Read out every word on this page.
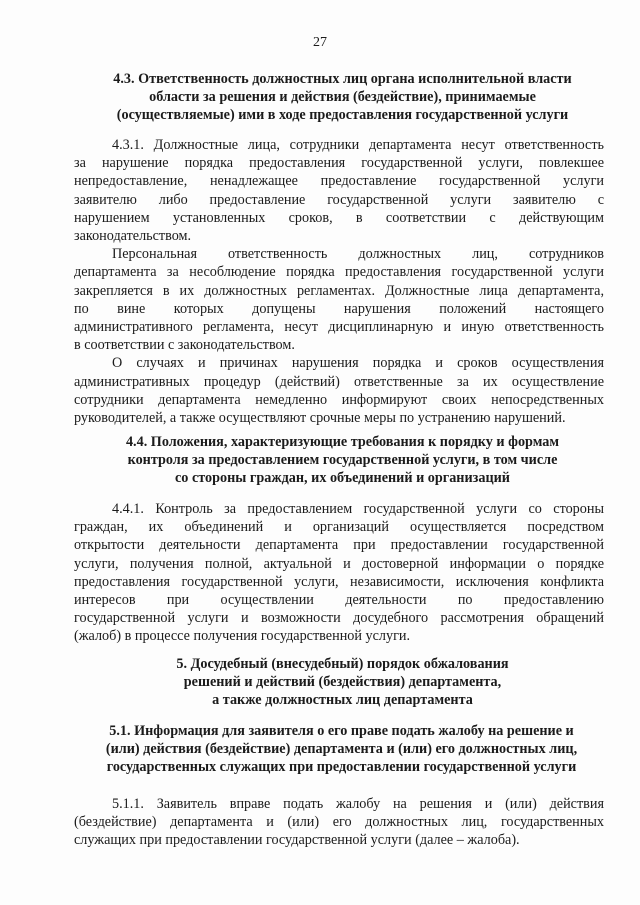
27
4.3. Ответственность должностных лиц органа исполнительной власти
области за решения и действия (бездействие), принимаемые
(осуществляемые) ими в ходе предоставления государственной услуги

4.3.1. Должностные лица, сотрудники департамента несут ответственность

за нарушение порядка предоставления государственной услуги, повлекшее

непредоставление, ненадлежащее предоставление государственной услуги

заявителю либо предоставление государственной услуги заявителю с

нарушением установленных сроков, в соответствии с действующим

законодательством.

Персональная ответственность должностных лиц, сотрудников

департамента за несоблюдение порядка предоставления государственной услуги

закрепляется в их должностных регламентах. Должностные лица департамента,

по вине которых допущены нарушения положений настоящего

административного регламента, несут дисциплинарную и иную ответственность

в соответствии с законодательством.

О случаях и причинах нарушения порядка и сроков осуществления

административных процедур (действий) ответственные за их осуществление

сотрудники департамента немедленно информируют своих непосредственных

руководителей, а также осуществляют срочные меры по устранению нарушений.

4.4. Положения, характеризующие требования к порядку и формам
контроля за предоставлением государственной услуги, в том числе
со стороны граждан, их объединений и организаций

4.4.1. Контроль за предоставлением государственной услуги со стороны

граждан, их объединений и организаций осуществляется посредством

открытости деятельности департамента при предоставлении государственной

услуги, получения полной, актуальной и достоверной информации о порядке

предоставления государственной услуги, независимости, исключения конфликта

интересов при осуществлении деятельности по предоставлению

государственной услуги и возможности досудебного рассмотрения обращений

(жалоб) в процессе получения государственной услуги.

5. Досудебный (внесудебный) порядок обжалования
решений и действий (бездействия) департамента,
а также должностных лиц департамента
5.1. Информация для заявителя о его праве подать жалобу на решение и
(или) действия (бездействие) департамента и (или) его должностных лиц,
государственных служащих при предоставлении государственной услуги

5.1.1. Заявитель вправе подать жалобу на решения и (или) действия

(бездействие) департамента и (или) его должностных лиц, государственных

служащих при предоставлении государственной услуги (далее – жалоба).
